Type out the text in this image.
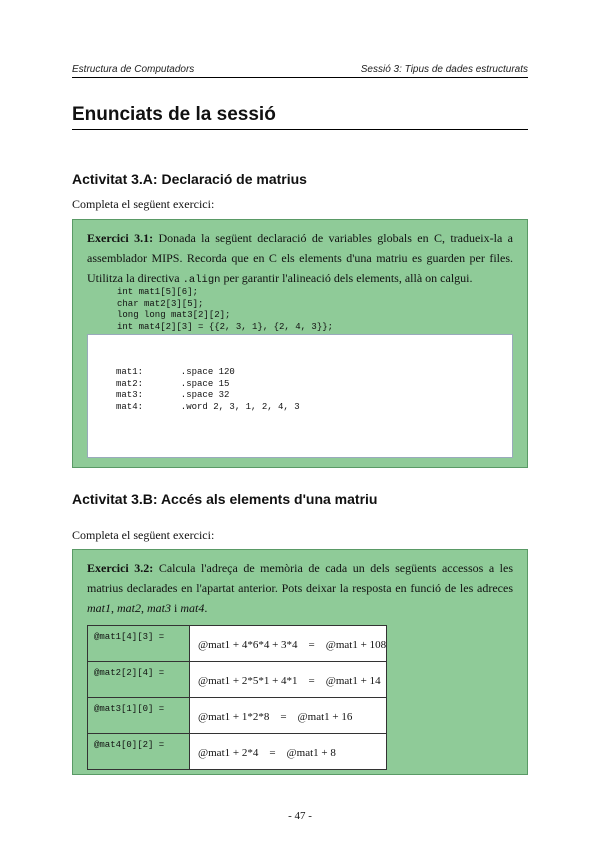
Estructura de Computadors	Sessió 3: Tipus de dades estructurats
Enunciats de la sessió
Activitat 3.A: Declaració de matrius
Completa el següent exercici:
Exercici 3.1: Donada la següent declaració de variables globals en C, tradueix-la a assemblador MIPS. Recorda que en C els elements d'una matriu es guarden per files. Utilitza la directiva .align per garantir l'alineació dels elements, allà on calgui.
int mat1[5][6];
char mat2[3][5];
long long mat3[2][2];
int mat4[2][3] = {{2, 3, 1}, {2, 4, 3}};
mat1:       .space 120
mat2:       .space 15
mat3:       .space 32
mat4:       .word 2, 3, 1, 2, 4, 3
Activitat 3.B: Accés als elements d'una matriu
Completa el següent exercici:
Exercici 3.2: Calcula l'adreça de memòria de cada un dels següents accessos a les matrius declarades en l'apartat anterior. Pots deixar la resposta en funció de les adreces mat1, mat2, mat3 i mat4.
@mat1[4][3] =	@mat1 + 4*6*4 + 3*4    =    @mat1 + 108
@mat2[2][4] =	@mat1 + 2*5*1 + 4*1    =    @mat1 + 14
@mat3[1][0] =	@mat1 + 1*2*8    =    @mat1 + 16
@mat4[0][2] =	@mat1 + 2*4    =    @mat1 + 8
- 47 -
